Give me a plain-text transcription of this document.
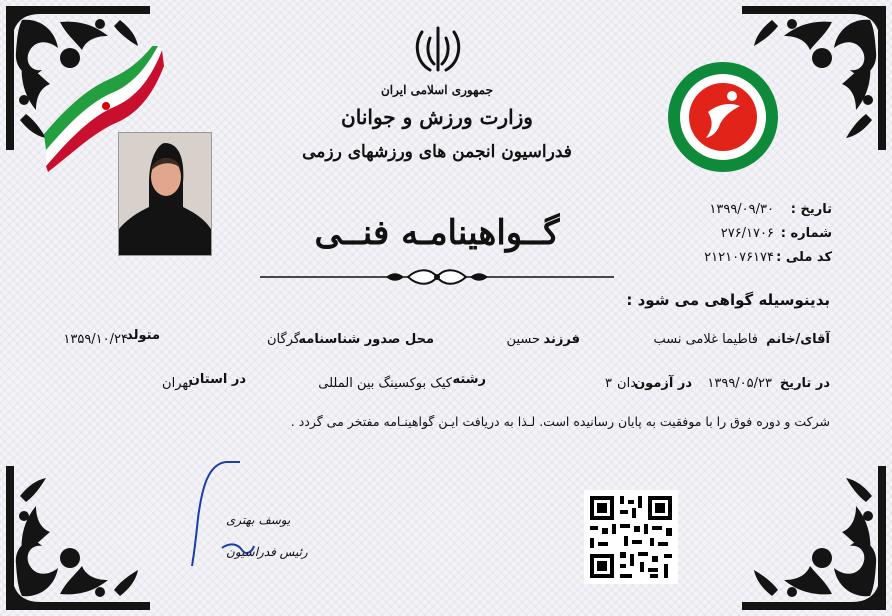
جمهوری اسلامی ایران
وزارت ورزش و جوانان
فدراسیون انجمن های ورزشهای رزمی
گــواهینامـه فنــی
تاریخ :
۱۳۹۹/۰۹/۳۰
شماره :
۲۷۶/۱۷۰۶
کد ملی :
۲۱۲۱۰۷۶۱۷۴
بدینوسیله گواهی می شود :
آقای/خانم
فاطیما غلامی نسب
فرزند
حسین
محل صدور شناسنامه
گرگان
متولد
۱۳۵۹/۱۰/۲۴
در تاریخ
۱۳۹۹/۰۵/۲۳
در آزمون
دان
۳
رشته
کیک بوکسینگ بین المللی
در استان
تهران
شرکت و دوره فوق را با موفقیت به پایان رسانیده است. لـذا به دریافت ایـن گواهینـامه مفتخر می گردد .
یوسف بهتری
رئیس فدراسیون
